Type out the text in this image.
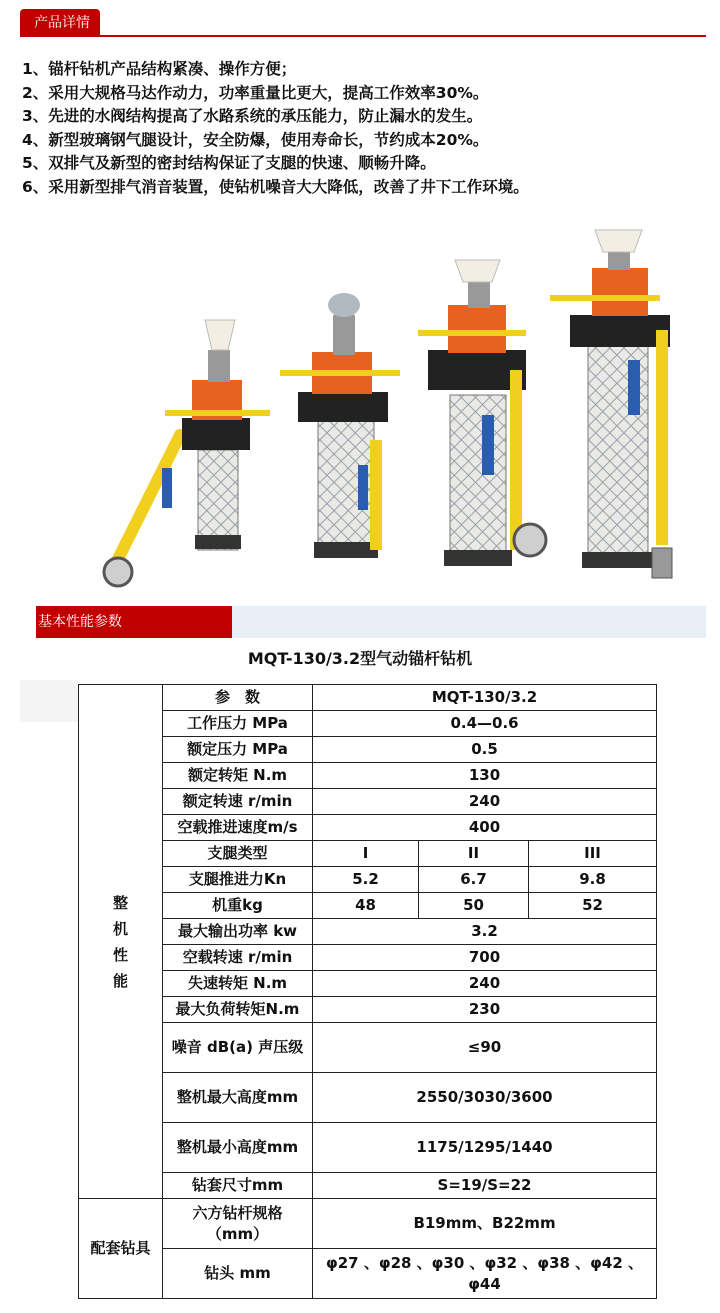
产品详情
1、锚杆钻机产品结构紧凑、操作方便；
2、采用大规格马达作动力，功率重量比更大，提高工作效率30%。
3、先进的水阀结构提高了水路系统的承压能力，防止漏水的发生。
4、新型玻璃钢气腿设计，安全防爆，使用寿命长，节约成本20%。
5、双排气及新型的密封结构保证了支腿的快速、顺畅升降。
6、采用新型排气消音装置，使钻机噪音大大降低，改善了井下工作环境。
基本性能参数
MQT-130/3.2型气动锚杆钻机
整
机
性
能	参　数	MQT-130/3.2		
	工作压力 MPa	0.4—0.6		
	额定压力 MPa	0.5		
	额定转矩 N.m	130		
	额定转速 r/min	240		
	空载推进速度m/s	400		
	支腿类型	I	II	III
	支腿推进力Kn	5.2	6.7	9.8
	机重kg	48	50	52
	最大输出功率 kw	3.2		
	空载转速 r/min	700		
	失速转矩 N.m	240		
	最大负荷转矩N.m	230		
	噪音 dB(a) 声压级	≤90		
	整机最大高度mm	2550/3030/3600		
	整机最小高度mm	1175/1295/1440		
	钻套尺寸mm	S=19/S=22		
配套钻具	六方钻杆规格（mm）	B19mm、B22mm		
	钻头 mm	φ27 、φ28 、φ30 、φ32 、φ38 、φ42 、φ44		
